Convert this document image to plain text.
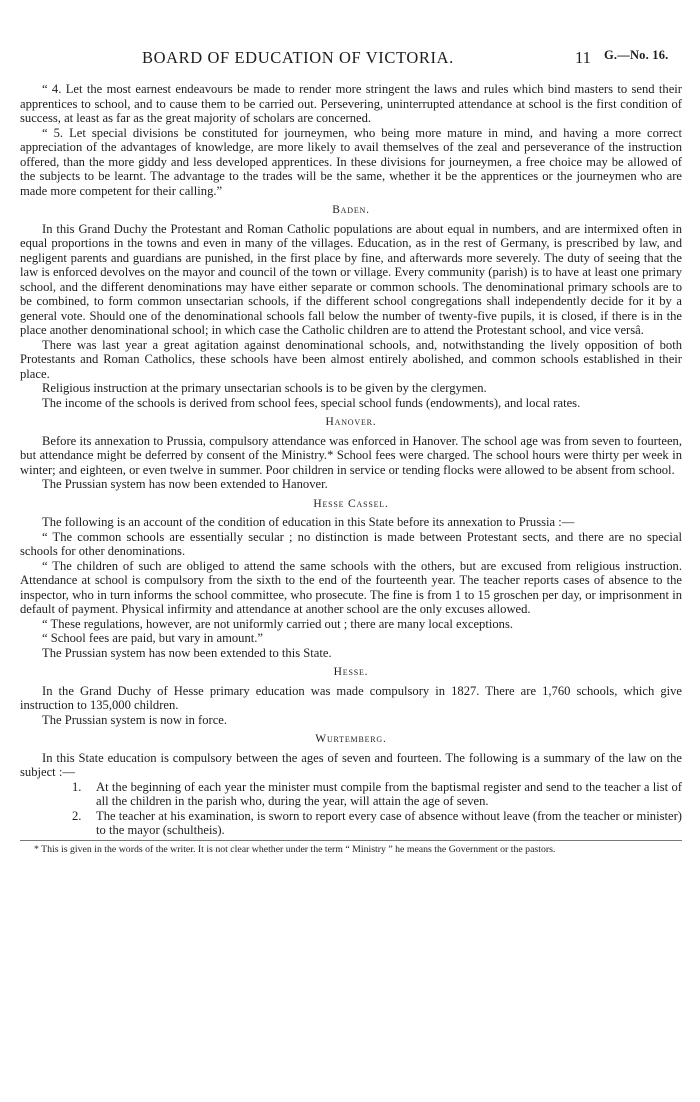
BOARD OF EDUCATION OF VICTORIA.	11 G.—No. 16.

“ 4. Let the most earnest endeavours be made to render more stringent the laws and rules which bind masters to send their apprentices to school, and to cause them to be carried out. Persevering, uninterrupted attendance at school is the first condition of success, at least as far as the great majority of scholars are concerned.

“ 5. Let special divisions be constituted for journeymen, who being more mature in mind, and having a more correct appreciation of the advantages of knowledge, are more likely to avail themselves of the zeal and perseverance of the instruction offered, than the more giddy and less developed apprentices. In these divisions for journeymen, a free choice may be allowed of the subjects to be learnt. The advantage to the trades will be the same, whether it be the apprentices or the journeymen who are made more competent for their calling.”

Baden.

In this Grand Duchy the Protestant and Roman Catholic populations are about equal in numbers, and are intermixed often in equal proportions in the towns and even in many of the villages. Education, as in the rest of Germany, is prescribed by law, and negligent parents and guardians are punished, in the first place by fine, and afterwards more severely. The duty of seeing that the law is enforced devolves on the mayor and council of the town or village. Every community (parish) is to have at least one primary school, and the different denominations may have either separate or common schools. The denominational primary schools are to be combined, to form common unsectarian schools, if the different school congregations shall independently decide for it by a general vote. Should one of the denominational schools fall below the number of twenty-five pupils, it is closed, if there is in the place another denominational school; in which case the Catholic children are to attend the Protestant school, and vice versâ.

There was last year a great agitation against denominational schools, and, notwithstanding the lively opposition of both Protestants and Roman Catholics, these schools have been almost entirely abolished, and common schools established in their place.

Religious instruction at the primary unsectarian schools is to be given by the clergymen.

The income of the schools is derived from school fees, special school funds (endowments), and local rates.

Hanover.

Before its annexation to Prussia, compulsory attendance was enforced in Hanover. The school age was from seven to fourteen, but attendance might be deferred by consent of the Ministry.* School fees were charged. The school hours were thirty per week in winter; and eighteen, or even twelve in summer. Poor children in service or tending flocks were allowed to be absent from school.

The Prussian system has now been extended to Hanover.

Hesse Cassel.

The following is an account of the condition of education in this State before its annexation to Prussia :—

“ The common schools are essentially secular ; no distinction is made between Protestant sects, and there are no special schools for other denominations.

“ The children of such are obliged to attend the same schools with the others, but are excused from religious instruction. Attendance at school is compulsory from the sixth to the end of the fourteenth year. The teacher reports cases of absence to the inspector, who in turn informs the school committee, who prosecute. The fine is from 1 to 15 groschen per day, or imprisonment in default of payment. Physical infirmity and attendance at another school are the only excuses allowed.

“ These regulations, however, are not uniformly carried out ; there are many local exceptions.

“ School fees are paid, but vary in amount.”

The Prussian system has now been extended to this State.

Hesse.

In the Grand Duchy of Hesse primary education was made compulsory in 1827. There are 1,760 schools, which give instruction to 135,000 children.

The Prussian system is now in force.

Wurtemberg.

In this State education is compulsory between the ages of seven and fourteen. The following is a summary of the law on the subject :—

1. At the beginning of each year the minister must compile from the baptismal register and send to the teacher a list of all the children in the parish who, during the year, will attain the age of seven.
2. The teacher at his examination, is sworn to report every case of absence without leave (from the teacher or minister) to the mayor (schultheis).
* This is given in the words of the writer. It is not clear whether under the term “ Ministry ” he means the Government or the pastors.
